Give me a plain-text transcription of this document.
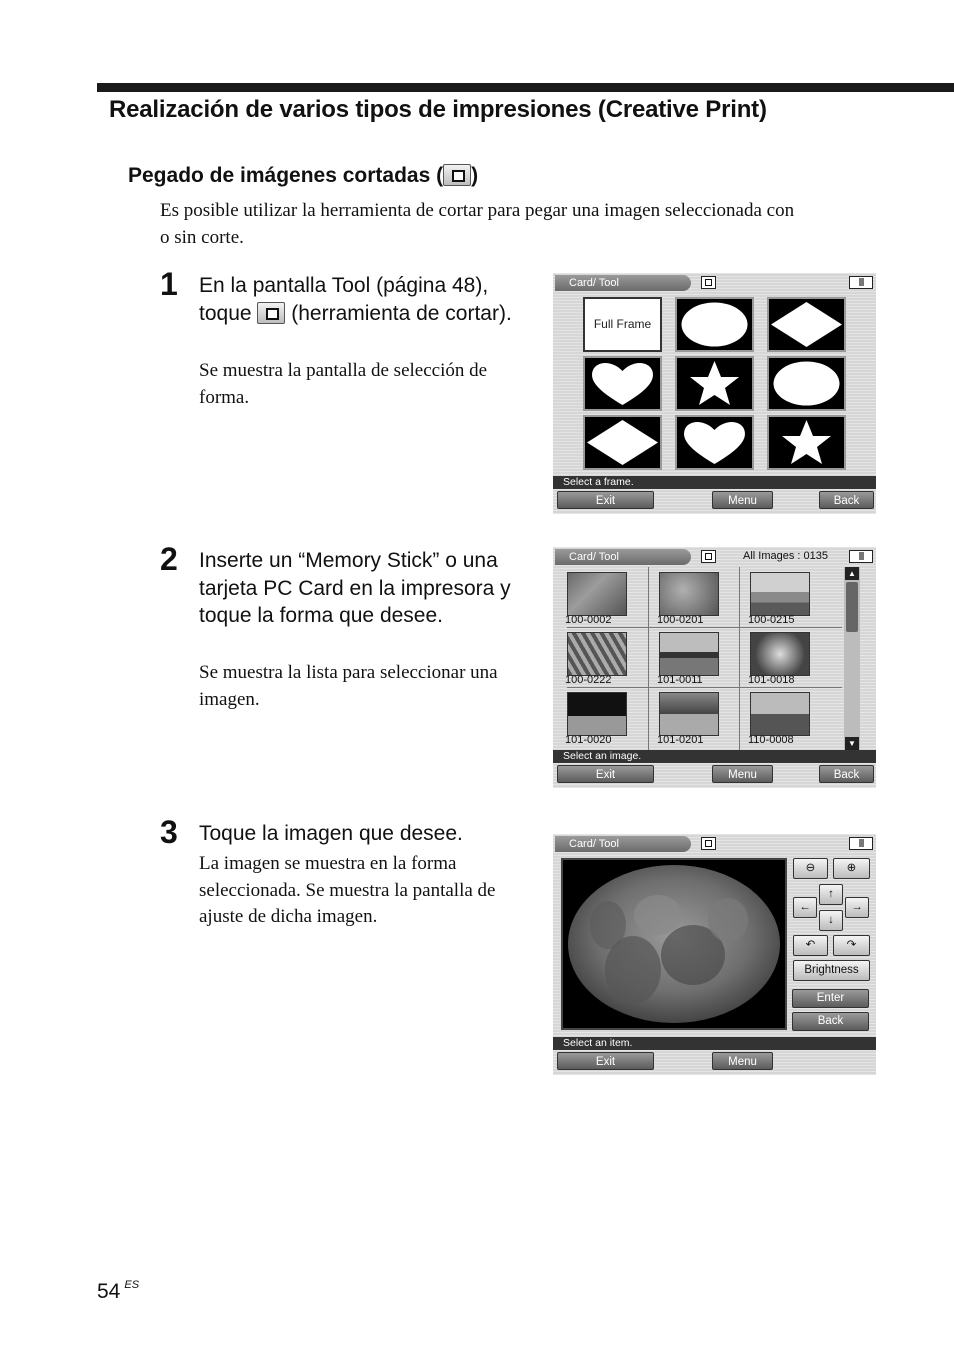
Realización de varios tipos de impresiones (Creative Print)
Pegado de imágenes cortadas ( )
Es posible utilizar la herramienta de cortar para pegar una imagen seleccionada con o sin corte.
1 En la pantalla Tool (página 48), toque  (herramienta de cortar).
Se muestra la pantalla de selección de forma.
2 Inserte un “Memory Stick” o una tarjeta PC Card en la impresora y toque la forma que desee.
Se muestra la lista para seleccionar una imagen.
3 Toque la imagen que desee.
La imagen se muestra en la forma seleccionada. Se muestra la pantalla de ajuste de dicha imagen.
Card/ Tool
Full Frame
Select a frame.
Exit	Menu	Back
Card/ Tool	All Images : 0135
100-0002	100-0201	100-0215
100-0222	101-0011	101-0018
101-0020	101-0201	110-0008
▲
▼
Select an image.
Exit	Menu	Back
Card/ Tool
⊖	⊕
↑
←	→
↓
↶	↷
Brightness
Enter
Back
Select an item.
Exit	Menu
54 $^{ES}$
